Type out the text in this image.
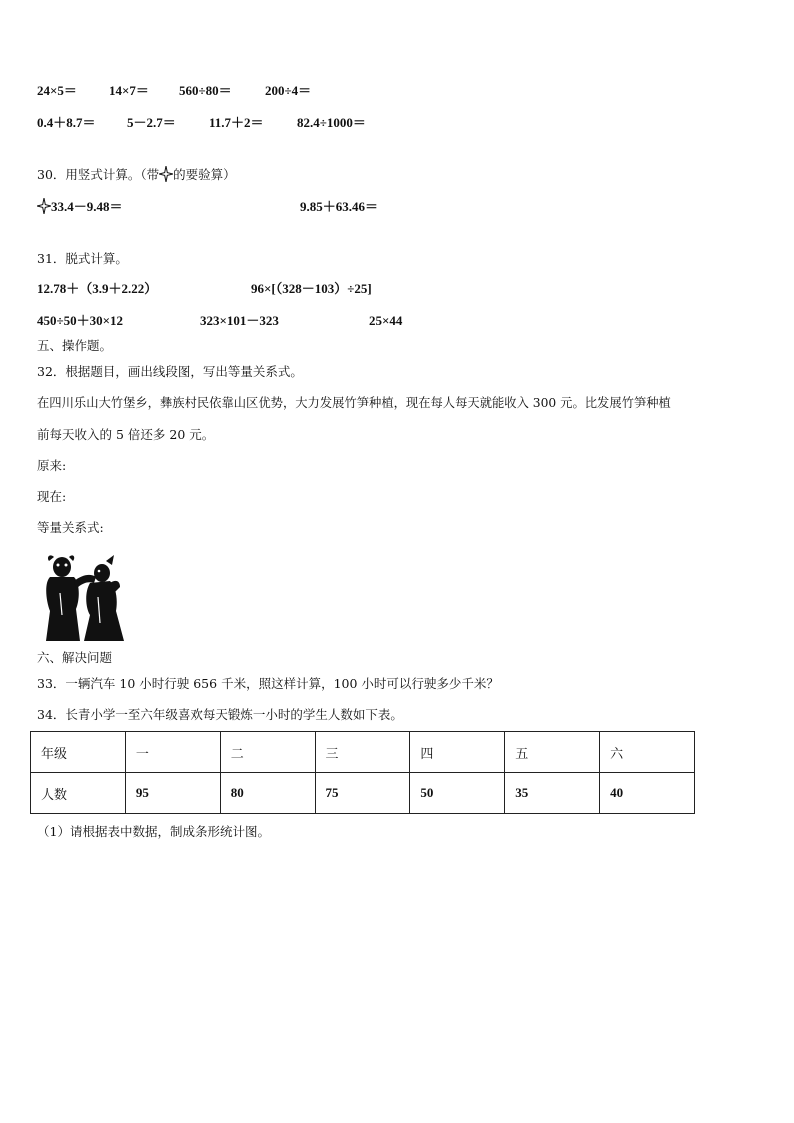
24×5＝ 14×7＝ 560÷80＝	200÷4＝
0.4＋8.7＝ 5－2.7＝	11.7＋2＝	82.4÷1000＝
30．用竖式计算。（带 的要验算）
33.4－9.48＝	9.85＋63.46＝
31．脱式计算。
12.78＋（3.9＋2.22）	96×[（328－103）÷25]
450÷50＋30×12	323×101－323	25×44
五、操作题。
32．根据题目，画出线段图，写出等量关系式。
在四川乐山大竹堡乡，彝族村民依靠山区优势，大力发展竹笋种植，现在每人每天就能收入 300 元。比发展竹笋种植
前每天收入的 5 倍还多 20 元。
原来:
现在:
等量关系式:
六、解决问题
33．一辆汽车 10 小时行驶 656 千米，照这样计算，100 小时可以行驶多少千米？
34．长青小学一至六年级喜欢每天锻炼一小时的学生人数如下表。
年级	一	二	三	四	五	六
人数	95	80	75	50	35	40
（1）请根据表中数据，制成条形统计图。
